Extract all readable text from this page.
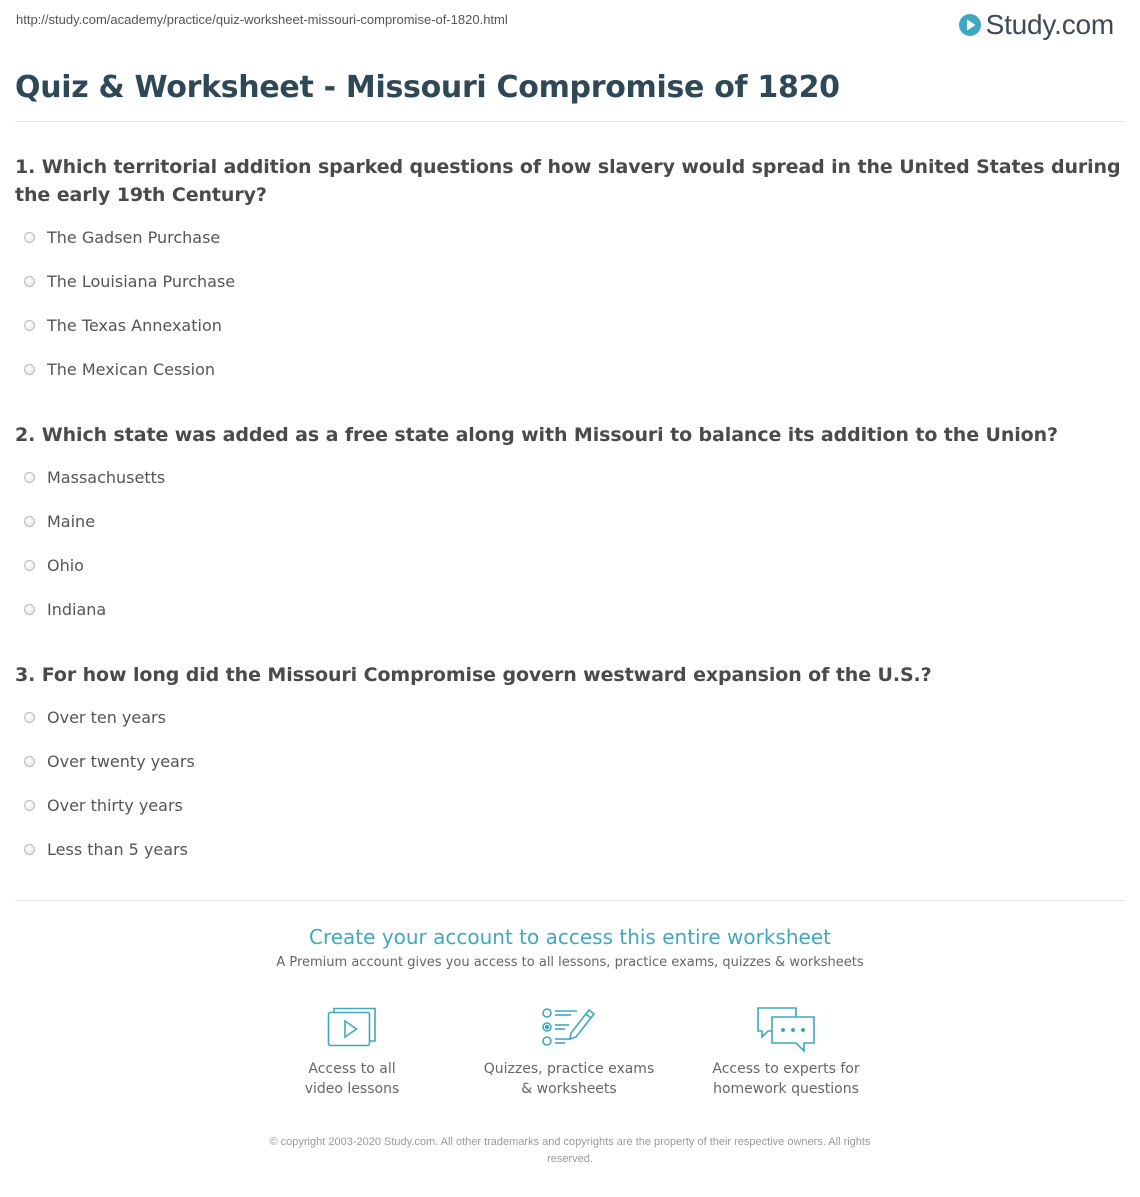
http://study.com/academy/practice/quiz-worksheet-missouri-compromise-of-1820.html	Study.com
Quiz & Worksheet - Missouri Compromise of 1820
1. Which territorial addition sparked questions of how slavery would spread in the United States during the early 19th Century?
The Gadsen Purchase
The Louisiana Purchase
The Texas Annexation
The Mexican Cession
2. Which state was added as a free state along with Missouri to balance its addition to the Union?
Massachusetts
Maine
Ohio
Indiana
3. For how long did the Missouri Compromise govern westward expansion of the U.S.?
Over ten years
Over twenty years
Over thirty years
Less than 5 years
Create your account to access this entire worksheet
A Premium account gives you access to all lessons, practice exams, quizzes & worksheets
Access to all
video lessons
Quizzes, practice exams
& worksheets
Access to experts for
homework questions
© copyright 2003-2020 Study.com. All other trademarks and copyrights are the property of their respective owners. All rights
reserved.
